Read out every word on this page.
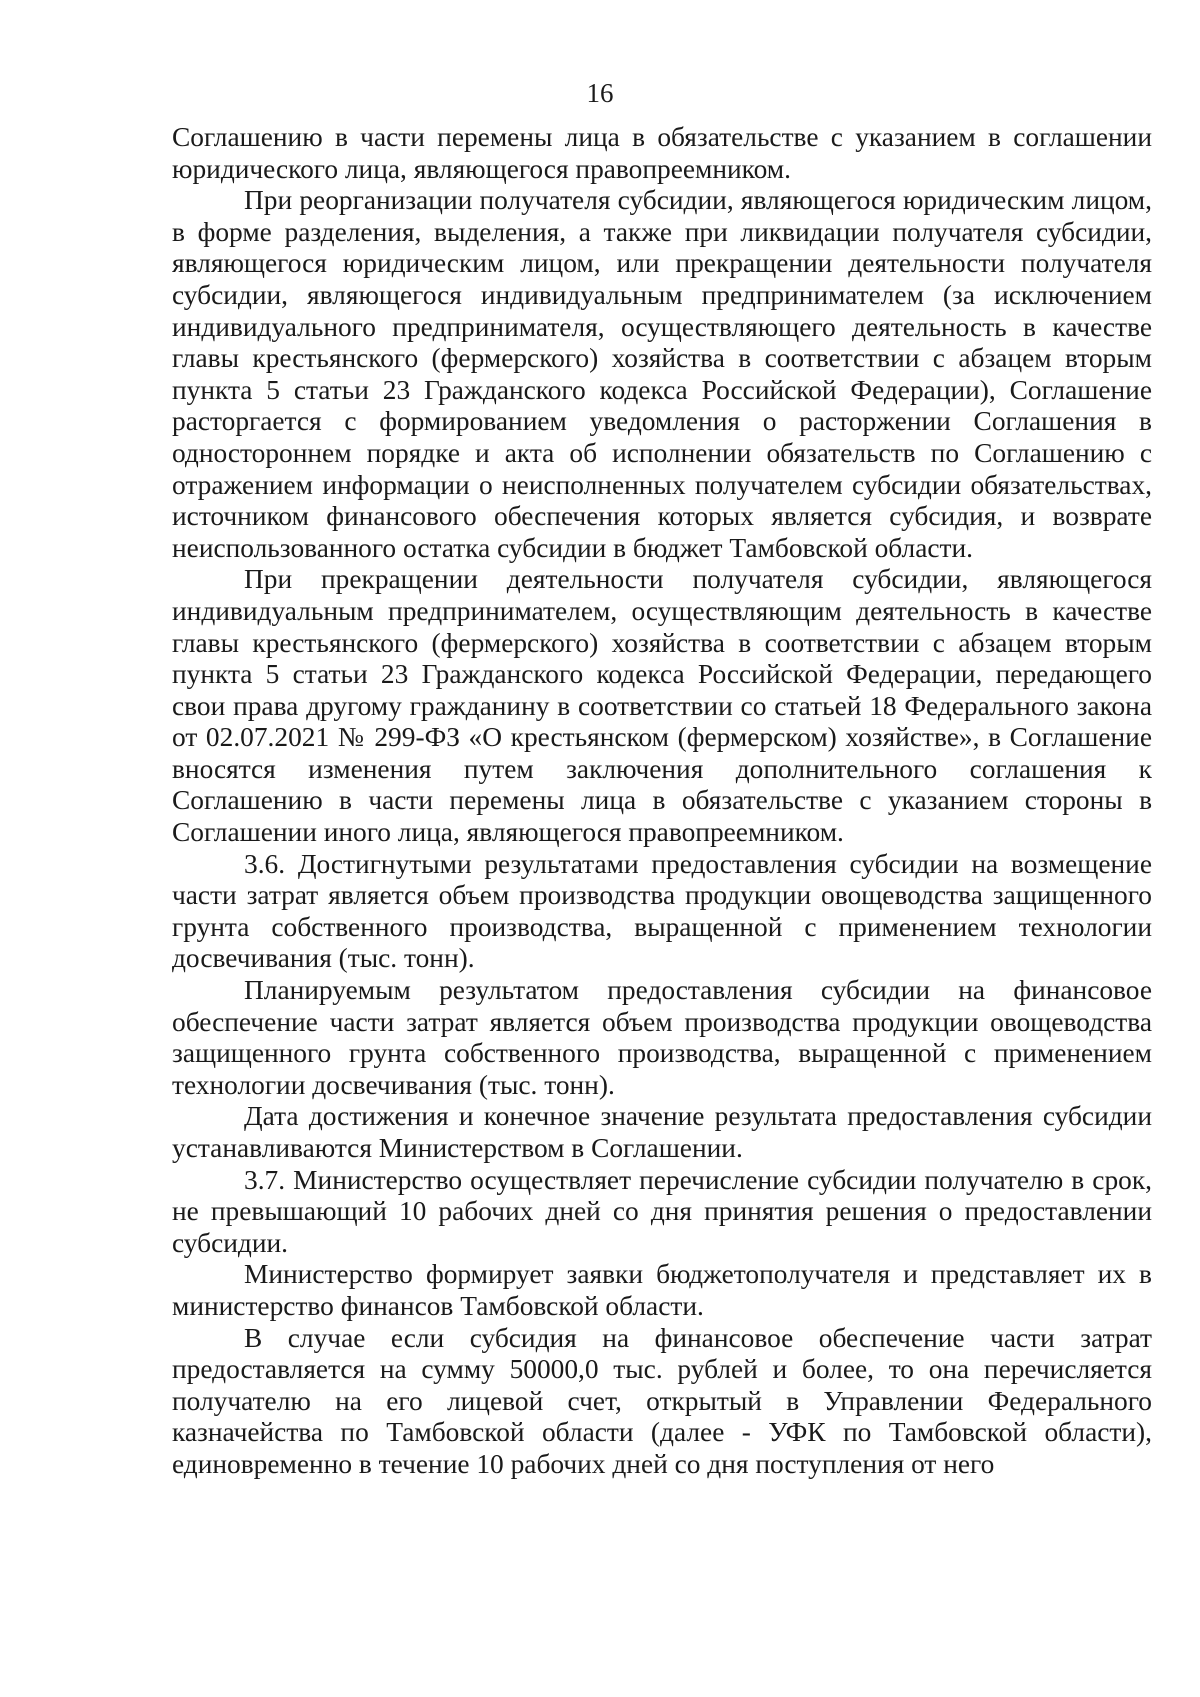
16

Соглашению в части перемены лица в обязательстве с указанием в соглашении юридического лица, являющегося правопреемником.

При реорганизации получателя субсидии, являющегося юридическим лицом, в форме разделения, выделения, а также при ликвидации получателя субсидии, являющегося юридическим лицом, или прекращении деятельности получателя субсидии, являющегося индивидуальным предпринимателем (за исключением индивидуального предпринимателя, осуществляющего деятельность в качестве главы крестьянского (фермерского) хозяйства в соответствии с абзацем вторым пункта 5 статьи 23 Гражданского кодекса Российской Федерации), Соглашение расторгается с формированием уведомления о расторжении Соглашения в одностороннем порядке и акта об исполнении обязательств по Соглашению с отражением информации о неисполненных получателем субсидии обязательствах, источником финансового обеспечения которых является субсидия, и возврате неиспользованного остатка субсидии в бюджет Тамбовской области.

При прекращении деятельности получателя субсидии, являющегося индивидуальным предпринимателем, осуществляющим деятельность в качестве главы крестьянского (фермерского) хозяйства в соответствии с абзацем вторым пункта 5 статьи 23 Гражданского кодекса Российской Федерации, передающего свои права другому гражданину в соответствии со статьей 18 Федерального закона от 02.07.2021 № 299-ФЗ «О крестьянском (фермерском) хозяйстве», в Соглашение вносятся изменения путем заключения дополнительного соглашения к Соглашению в части перемены лица в обязательстве с указанием стороны в Соглашении иного лица, являющегося правопреемником.

3.6. Достигнутыми результатами предоставления субсидии на возмещение части затрат является объем производства продукции овощеводства защищенного грунта собственного производства, выращенной с применением технологии досвечивания (тыс. тонн).

Планируемым результатом предоставления субсидии на финансовое обеспечение части затрат является объем производства продукции овощеводства защищенного грунта собственного производства, выращенной с применением технологии досвечивания (тыс. тонн).

Дата достижения и конечное значение результата предоставления субсидии устанавливаются Министерством в Соглашении.

3.7. Министерство осуществляет перечисление субсидии получателю в срок, не превышающий 10 рабочих дней со дня принятия решения о предоставлении субсидии.

Министерство формирует заявки бюджетополучателя и представляет их в министерство финансов Тамбовской области.

В случае если субсидия на финансовое обеспечение части затрат предоставляется на сумму 50000,0 тыс. рублей и более, то она перечисляется получателю на его лицевой счет, открытый в Управлении Федерального казначейства по Тамбовской области (далее - УФК по Тамбовской области), единовременно в течение 10 рабочих дней со дня поступления от него
